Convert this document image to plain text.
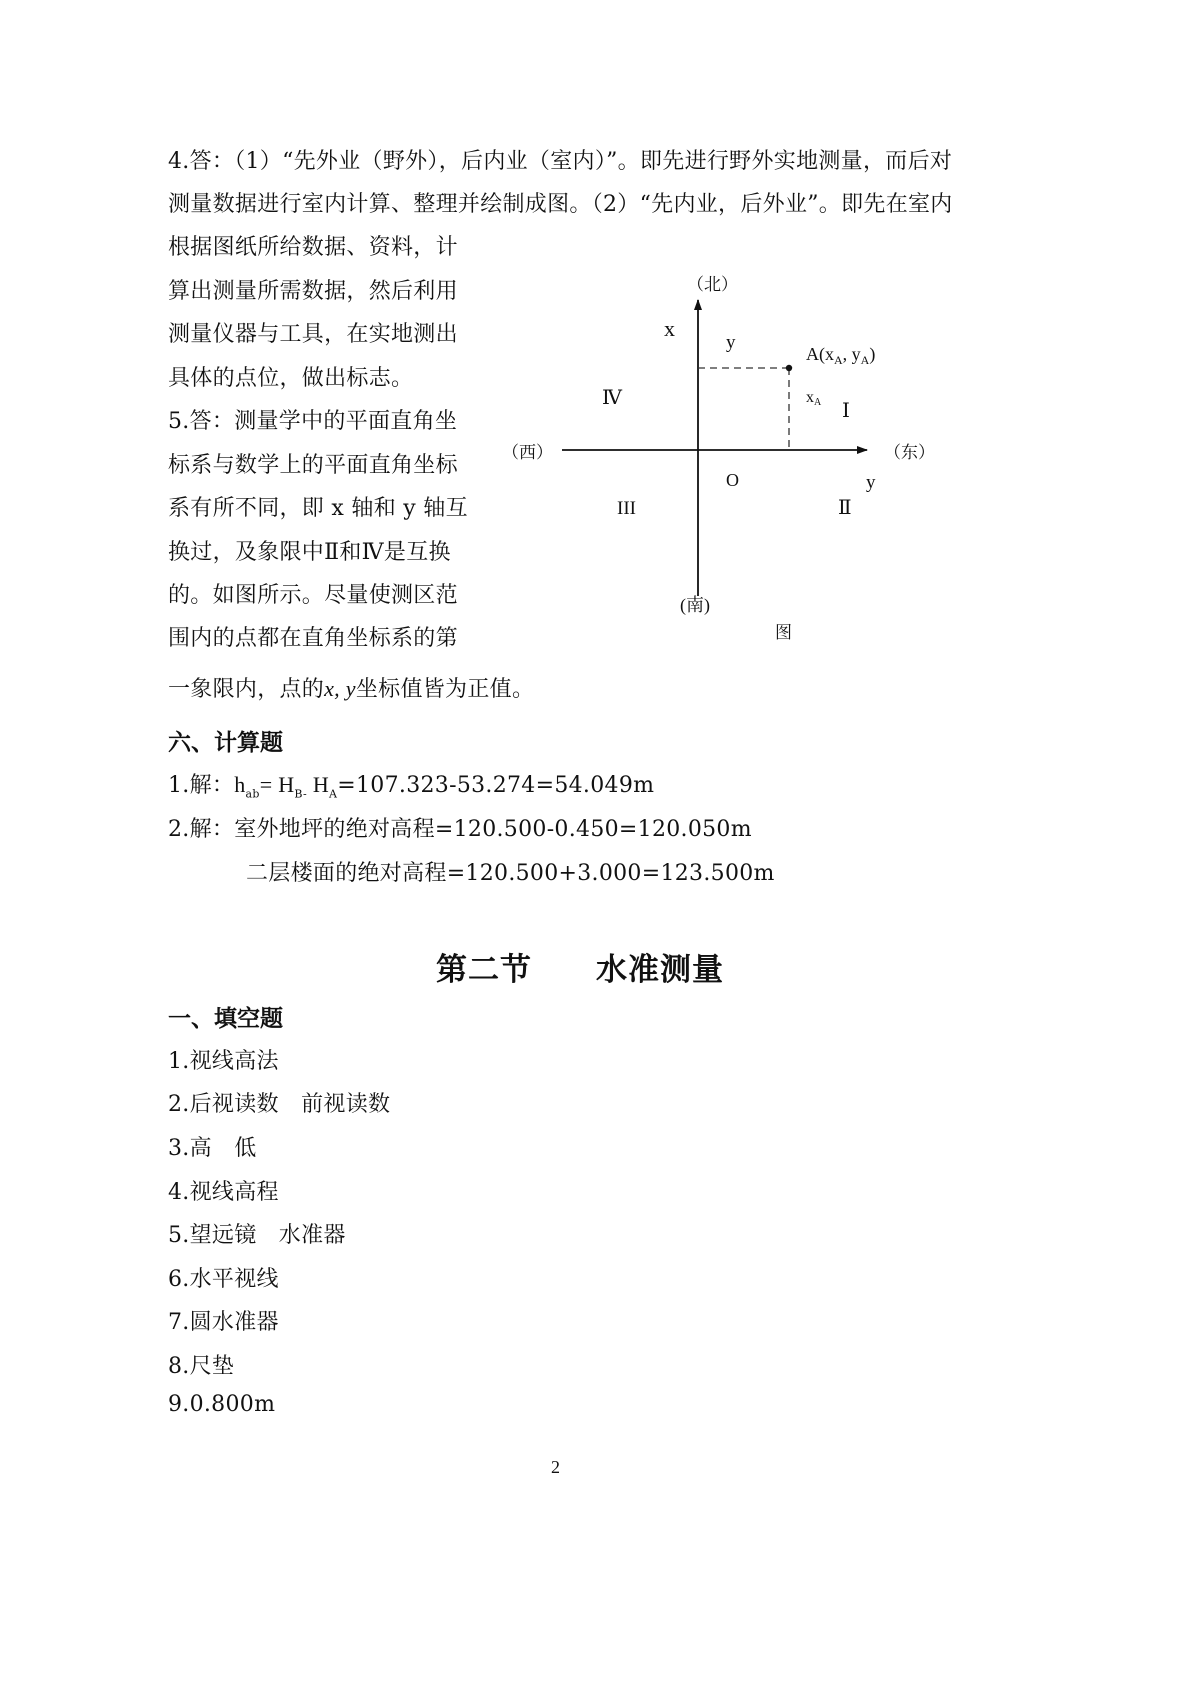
4.答：（1）“先外业（野外），后内业（室内）”。即先进行野外实地测量，而后对
测量数据进行室内计算、整理并绘制成图。（2）“先内业，后外业”。即先在室内
根据图纸所给数据、资料，计
算出测量所需数据，然后利用
测量仪器与工具，在实地测出
具体的点位，做出标志。
5.答：测量学中的平面直角坐
标系与数学上的平面直角坐标
系有所不同，即 x 轴和 y 轴互
换过，及象限中Ⅱ和Ⅳ是互换
的。如图所示。尽量使测区范
围内的点都在直角坐标系的第
一象限内，点的x, y坐标值皆为正值。
（北）
（西）	（东）
(南)
x
y
y
O
$A(x_A$, $y_A$)
xA Ⅰ
Ⅱ
III
Ⅳ
图
六、计算题
1.解：$h_{ab}= H_{B-}$ $H_A=107.323-53.274=54.049m$
2.解：室外地坪的绝对高程=120.500-0.450=120.050m
二层楼面的绝对高程=120.500+3.000=123.500m
第二节　　水准测量
一、填空题
1.视线高法
2.后视读数　前视读数
3.高　低
4.视线高程
5.望远镜　水准器
6.水平视线
7.圆水准器
8.尺垫
9.0.800m
2
